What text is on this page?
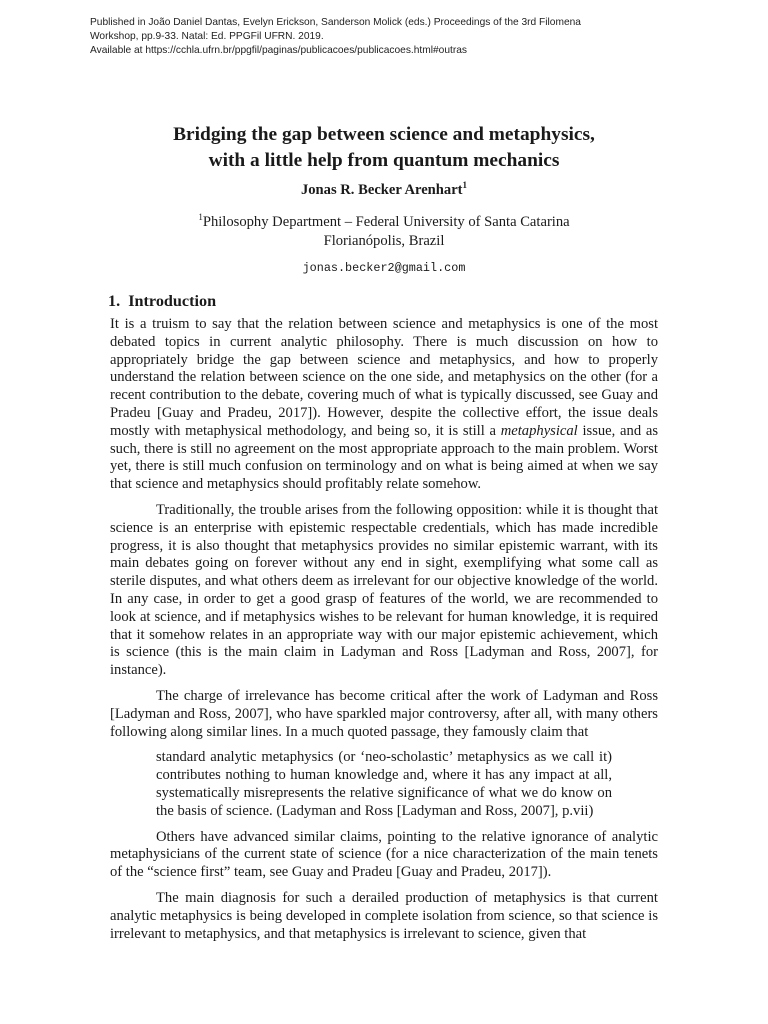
Published in João Daniel Dantas, Evelyn Erickson, Sanderson Molick (eds.) Proceedings of the 3rd Filomena
Workshop, pp.9-33. Natal: Ed. PPGFil UFRN. 2019.
Available at https://cchla.ufrn.br/ppgfil/paginas/publicacoes/publicacoes.html#outras
Bridging the gap between science and metaphysics,
with a little help from quantum mechanics
Jonas R. Becker Arenhart$^1$
$^1$Philosophy Department – Federal University of Santa Catarina
Florianópolis, Brazil
jonas.becker2@gmail.com
1. Introduction

It is a truism to say that the relation between science and metaphysics is one of the most debated topics in current analytic philosophy. There is much discussion on how to appropriately bridge the gap between science and metaphysics, and how to properly understand the relation between science on the one side, and metaphysics on the other (for a recent contribution to the debate, covering much of what is typically discussed, see Guay and Pradeu [Guay and Pradeu, 2017]). However, despite the collective effort, the issue deals mostly with metaphysical methodology, and being so, it is still a metaphysical issue, and as such, there is still no agreement on the most appropriate approach to the main problem. Worst yet, there is still much confusion on terminology and on what is being aimed at when we say that science and metaphysics should profitably relate somehow.

Traditionally, the trouble arises from the following opposition: while it is thought that science is an enterprise with epistemic respectable credentials, which has made incredible progress, it is also thought that metaphysics provides no similar epistemic warrant, with its main debates going on forever without any end in sight, exemplifying what some call as sterile disputes, and what others deem as irrelevant for our objective knowledge of the world. In any case, in order to get a good grasp of features of the world, we are recommended to look at science, and if metaphysics wishes to be relevant for human knowledge, it is required that it somehow relates in an appropriate way with our major epistemic achievement, which is science (this is the main claim in Ladyman and Ross [Ladyman and Ross, 2007], for instance).

The charge of irrelevance has become critical after the work of Ladyman and Ross [Ladyman and Ross, 2007], who have sparkled major controversy, after all, with many others following along similar lines. In a much quoted passage, they famously claim that

standard analytic metaphysics (or ‘neo-scholastic’ metaphysics as we call it) contributes nothing to human knowledge and, where it has any impact at all, systematically misrepresents the relative significance of what we do know on the basis of science. (Ladyman and Ross [Ladyman and Ross, 2007], p.vii)

Others have advanced similar claims, pointing to the relative ignorance of analytic metaphysicians of the current state of science (for a nice characterization of the main tenets of the “science first” team, see Guay and Pradeu [Guay and Pradeu, 2017]).

The main diagnosis for such a derailed production of metaphysics is that current analytic metaphysics is being developed in complete isolation from science, so that science is irrelevant to metaphysics, and that metaphysics is irrelevant to science, given that
